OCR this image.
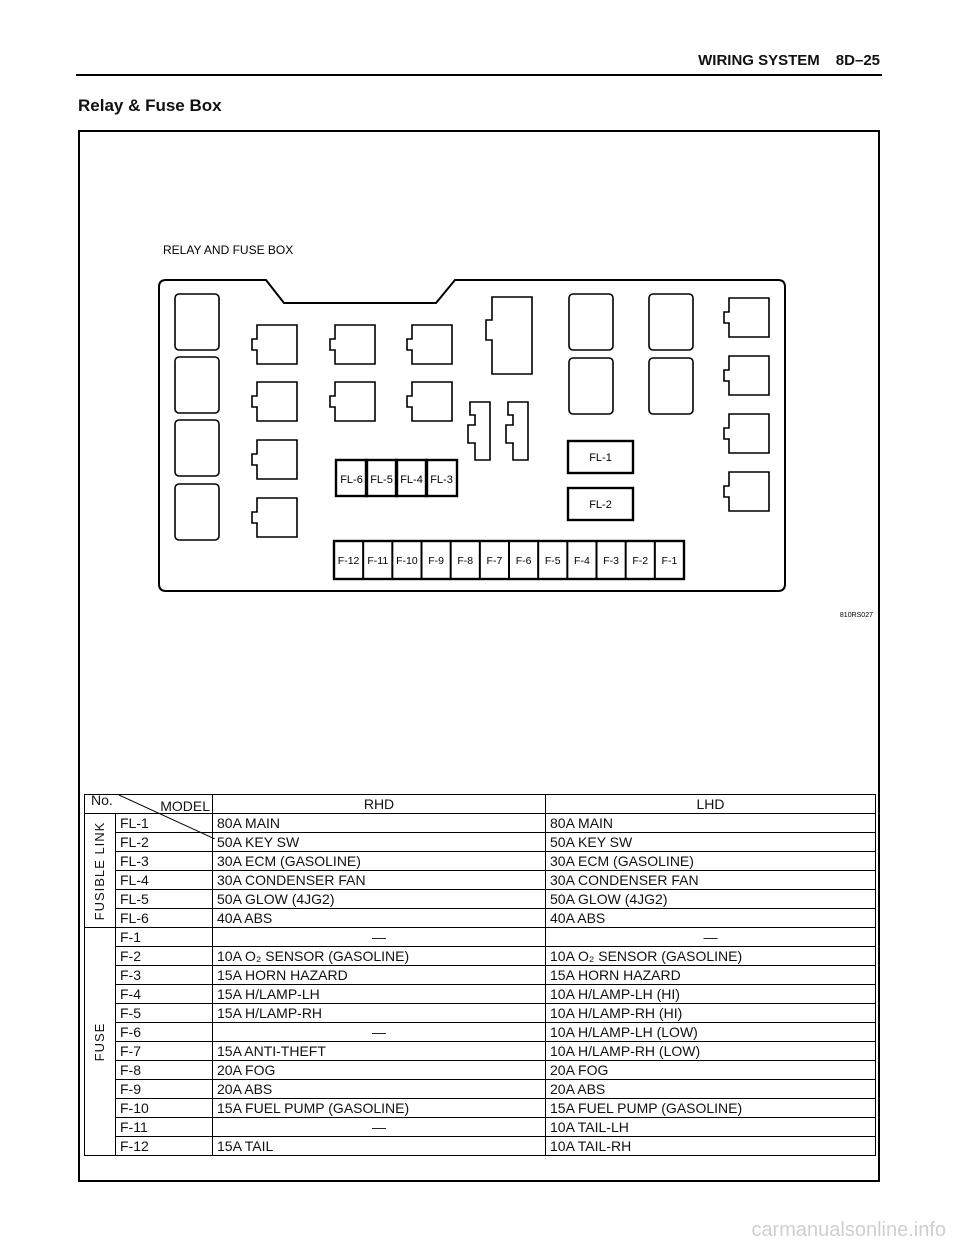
WIRING SYSTEM 8D–25
Relay & Fuse Box
RELAY AND FUSE BOX
FL-6 FL-5 FL-4 FL-3
FL-1
FL-2
F-12 F-11 F-10 F-9 F-8 F-7 F-6 F-5 F-4 F-3 F-2 F-1
810RS027
MODEL
No.		RHD	LHD

FUSIBLE LINK	FL-1	80A MAIN	80A MAIN
	FL-2	50A KEY SW	50A KEY SW
	FL-3	30A ECM (GASOLINE)	30A ECM (GASOLINE)
	FL-4	30A CONDENSER FAN	30A CONDENSER FAN
	FL-5	50A GLOW (4JG2)	50A GLOW (4JG2)
	FL-6	40A ABS	40A ABS

FUSE	F-1	—	—
	F-2	10A O₂ SENSOR (GASOLINE)	10A O₂ SENSOR (GASOLINE)
	F-3	15A HORN HAZARD	15A HORN HAZARD
	F-4	15A H/LAMP-LH	10A H/LAMP-LH (HI)
	F-5	15A H/LAMP-RH	10A H/LAMP-RH (HI)
	F-6	—	10A H/LAMP-LH (LOW)
	F-7	15A ANTI-THEFT	10A H/LAMP-RH (LOW)
	F-8	20A FOG	20A FOG
	F-9	20A ABS	20A ABS
	F-10	15A FUEL PUMP (GASOLINE)	15A FUEL PUMP (GASOLINE)
	F-11	—	10A TAIL-LH
	F-12	15A TAIL	10A TAIL-RH
carmanualsonline.info
